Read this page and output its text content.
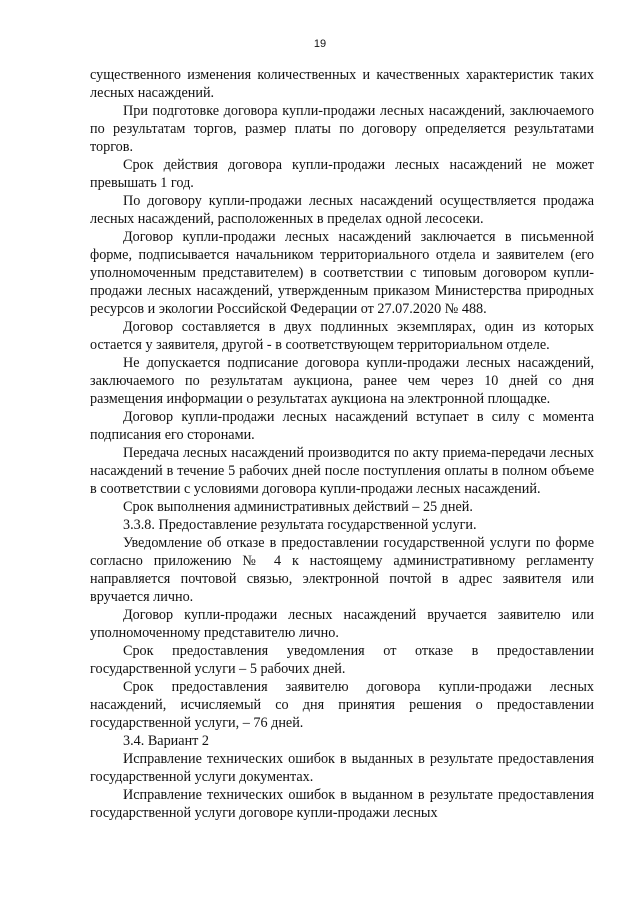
19

существенного изменения количественных и качественных характеристик таких лесных насаждений.

При подготовке договора купли-продажи лесных насаждений, заключаемого по результатам торгов, размер платы по договору определяется результатами торгов.

Срок действия договора купли-продажи лесных насаждений не может превышать 1 год.

По договору купли-продажи лесных насаждений осуществляется продажа лесных насаждений, расположенных в пределах одной лесосеки.

Договор купли-продажи лесных насаждений заключается в письменной форме, подписывается начальником территориального отдела и заявителем (его уполномоченным представителем) в соответствии с типовым договором купли-продажи лесных насаждений, утвержденным приказом Министерства природных ресурсов и экологии Российской Федерации от 27.07.2020 № 488.

Договор составляется в двух подлинных экземплярах, один из которых остается у заявителя, другой - в соответствующем территориальном отделе.

Не допускается подписание договора купли-продажи лесных насаждений, заключаемого по результатам аукциона, ранее чем через 10 дней со дня размещения информации о результатах аукциона на электронной площадке.

Договор купли-продажи лесных насаждений вступает в силу с момента подписания его сторонами.

Передача лесных насаждений производится по акту приема-передачи лесных насаждений в течение 5 рабочих дней после поступления оплаты в полном объеме в соответствии с условиями договора купли-продажи лесных насаждений.

Срок выполнения административных действий – 25 дней.

3.3.8. Предоставление результата государственной услуги.

Уведомление об отказе в предоставлении государственной услуги по форме согласно приложению № 4 к настоящему административному регламенту направляется почтовой связью, электронной почтой в адрес заявителя или вручается лично.

Договор купли-продажи лесных насаждений вручается заявителю или уполномоченному представителю лично.

Срок предоставления уведомления от отказе в предоставлении государственной услуги – 5 рабочих дней.

Срок предоставления заявителю договора купли-продажи лесных насаждений, исчисляемый со дня принятия решения о предоставлении государственной услуги, – 76 дней.

3.4. Вариант 2

Исправление технических ошибок в выданных в результате предоставления государственной услуги документах.

Исправление технических ошибок в выданном в результате предоставления государственной услуги договоре купли-продажи лесных
